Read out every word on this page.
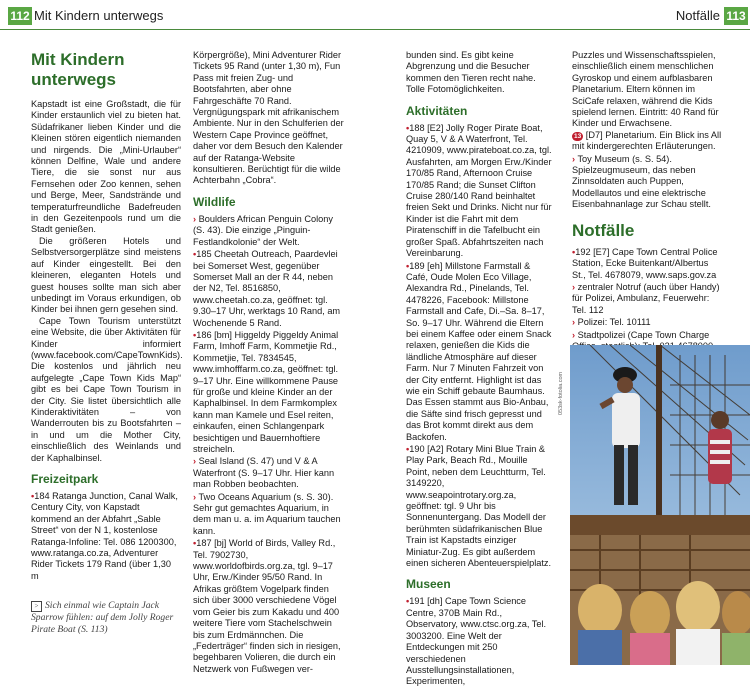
112 Mit Kindern unterwegs	Notfälle 113
Mit Kindern unterwegs

Kapstadt ist eine Großstadt, die für Kinder erstaunlich viel zu bieten hat. Südafrikaner lieben Kinder und die Kleinen stören eigentlich niemanden und nirgends. Die „Mini-Urlauber“ können Delfine, Wale und andere Tiere, die sie sonst nur aus Fernsehen oder Zoo kennen, sehen und Berge, Meer, Sandstrände und temperaturfreundliche Badefreuden in den Gezeitenpools rund um die Stadt genießen.

Die größeren Hotels und Selbstversorgerplätze sind meistens auf Kinder eingestellt. Bei den kleineren, eleganten Hotels und guest houses sollte man sich aber unbedingt im Voraus erkundigen, ob Kinder bei ihnen gern gesehen sind.

Cape Town Tourism unterstützt eine Website, die über Aktivitäten für Kinder informiert (www.facebook.com/CapeTownKids). Die kostenlos und jährlich neu aufgelegte „Cape Town Kids Map“ gibt es bei Cape Town Tourism in der City. Sie listet übersichtlich alle Kinderaktivitäten – von Wanderrouten bis zu Bootsfahrten – in und um die Mother City, einschließlich des Weinlands und der Kaphalbinsel.

Freizeitpark

•184 Ratanga Junction, Canal Walk, Century City, von Kapstadt kommend an der Abfahrt „Sable Street“ von der N 1, kostenlose Ratanga-Infoline: Tel. 086 1200300, www.ratanga.co.za, Adventurer Rider Tickets 179 Rand (über 1,30 m

> Sich einmal wie Captain Jack Sparrow fühlen: auf dem Jolly Roger Pirate Boat (S. 113)

Körpergröße), Mini Adventurer Rider Tickets 95 Rand (unter 1,30 m), Fun Pass mit freien Zug- und Bootsfahrten, aber ohne Fahrgeschäfte 70 Rand. Vergnügungspark mit afrikanischem Ambiente. Nur in den Schulferien der Western Cape Province geöffnet, daher vor dem Besuch den Kalender auf der Ratanga-Website konsultieren. Berüchtigt für die wilde Achterbahn „Cobra“.

Wildlife

› Boulders African Penguin Colony (S. 43). Die einzige „Pinguin-Festlandkolonie“ der Welt.

•185 Cheetah Outreach, Paardevlei bei Somerset West, gegenüber Somerset Mall an der R 44, neben der N2, Tel. 8516850, www.cheetah.co.za, geöffnet: tgl. 9.30–17 Uhr, werktags 10 Rand, am Wochenende 5 Rand.

•186 [bm] Higgeldy Piggeldy Animal Farm, Imhoff Farm, Kommetjie Rd., Kommetjie, Tel. 7834545, www.imhofffarm.co.za, geöffnet: tgl. 9–17 Uhr. Eine willkommene Pause für große und kleine Kinder an der Kaphalbinsel. In dem Farmkomplex kann man Kamele und Esel reiten, einkaufen, einen Schlangenpark besichtigen und Bauernhoftiere streicheln.

› Seal Island (S. 47) und V & A Waterfront (S. 9–17 Uhr. Hier kann man Robben beobachten.

› Two Oceans Aquarium (s. S. 30). Sehr gut gemachtes Aquarium, in dem man u. a. im Aquarium tauchen kann.

•187 [bj] World of Birds, Valley Rd., Tel. 7902730, www.worldofbirds.org.za, tgl. 9–17 Uhr, Erw./Kinder 95/50 Rand. In Afrikas größtem Vogelpark finden sich über 3000 verschiedene Vögel vom Geier bis zum Kakadu und 400 weitere Tiere vom Stachelschwein bis zum Erdmännchen. Die „Federträger“ finden sich in riesigen, begehbaren Volieren, die durch ein Netzwerk von Fußwegen ver-

bunden sind. Es gibt keine Abgrenzung und die Besucher kommen den Tieren recht nahe. Tolle Fotomöglichkeiten.

Aktivitäten

•188 [E2] Jolly Roger Pirate Boat, Quay 5, V & A Waterfront, Tel. 4210909, www.pirateboat.co.za, tgl. Ausfahrten, am Morgen Erw./Kinder 170/85 Rand, Afternoon Cruise 170/85 Rand; die Sunset Clifton Cruise 280/140 Rand beinhaltet freien Sekt und Drinks. Nicht nur für Kinder ist die Fahrt mit dem Piratenschiff in die Tafelbucht ein großer Spaß. Abfahrtszeiten nach Vereinbarung.

•189 [eh] Millstone Farmstall & Café, Oude Molen Eco Village, Alexandra Rd., Pinelands, Tel. 4478226, Facebook: Millstone Farmstall and Cafe, Di.–Sa. 8–17, So. 9–17 Uhr. Während die Eltern bei einem Kaffee oder einem Snack relaxen, genießen die Kids die ländliche Atmosphäre auf dieser Farm. Nur 7 Minuten Fahrzeit von der City entfernt. Highlight ist das wie ein Schiff gebaute Baumhaus. Das Essen stammt aus Bio-Anbau, die Säfte sind frisch gepresst und das Brot kommt direkt aus dem Backofen.

•190 [A2] Rotary Mini Blue Train & Play Park, Beach Rd., Mouille Point, neben dem Leuchtturm, Tel. 3149220, www.seapointrotary.org.za, geöffnet: tgl. 9 Uhr bis Sonnenuntergang. Das Modell der berühmten südafrikanischen Blue Train ist Kapstadts einziger Miniatur-Zug. Es gibt außerdem einen sicheren Abenteuerspielplatz.

Museen

•191 [dh] Cape Town Science Centre, 370B Main Rd., Observatory, www.ctsc.org.za, Tel. 3003200. Eine Welt der Entdeckungen mit 250 verschiedenen Ausstellungsinstallationen, Experimenten,

Puzzles und Wissenschaftsspielen, einschließlich einem menschlichen Gyroskop und einem aufblasbaren Planetarium. Eltern können im SciCafe relaxen, während die Kids spielend lernen. Eintritt: 40 Rand für Kinder und Erwachsene.

13 [D7] Planetarium. Ein Blick ins All mit kindergerechten Erläuterungen.

› Toy Museum (s. S. 54). Spielzeugmuseum, das neben Zinnsoldaten auch Puppen, Modellautos und eine elektrische Eisenbahnanlage zur Schau stellt.

Notfälle

•192 [E7] Cape Town Central Police Station, Ecke Buitenkant/Albertus St., Tel. 4678079, www.saps.gov.za

› zentraler Notruf (auch über Handy) für Polizei, Ambulanz, Feuerwehr: Tel. 112

› Polizei: Tel. 10111

› Stadtpolizei (Cape Town Charge

053sk-fotolia.com
